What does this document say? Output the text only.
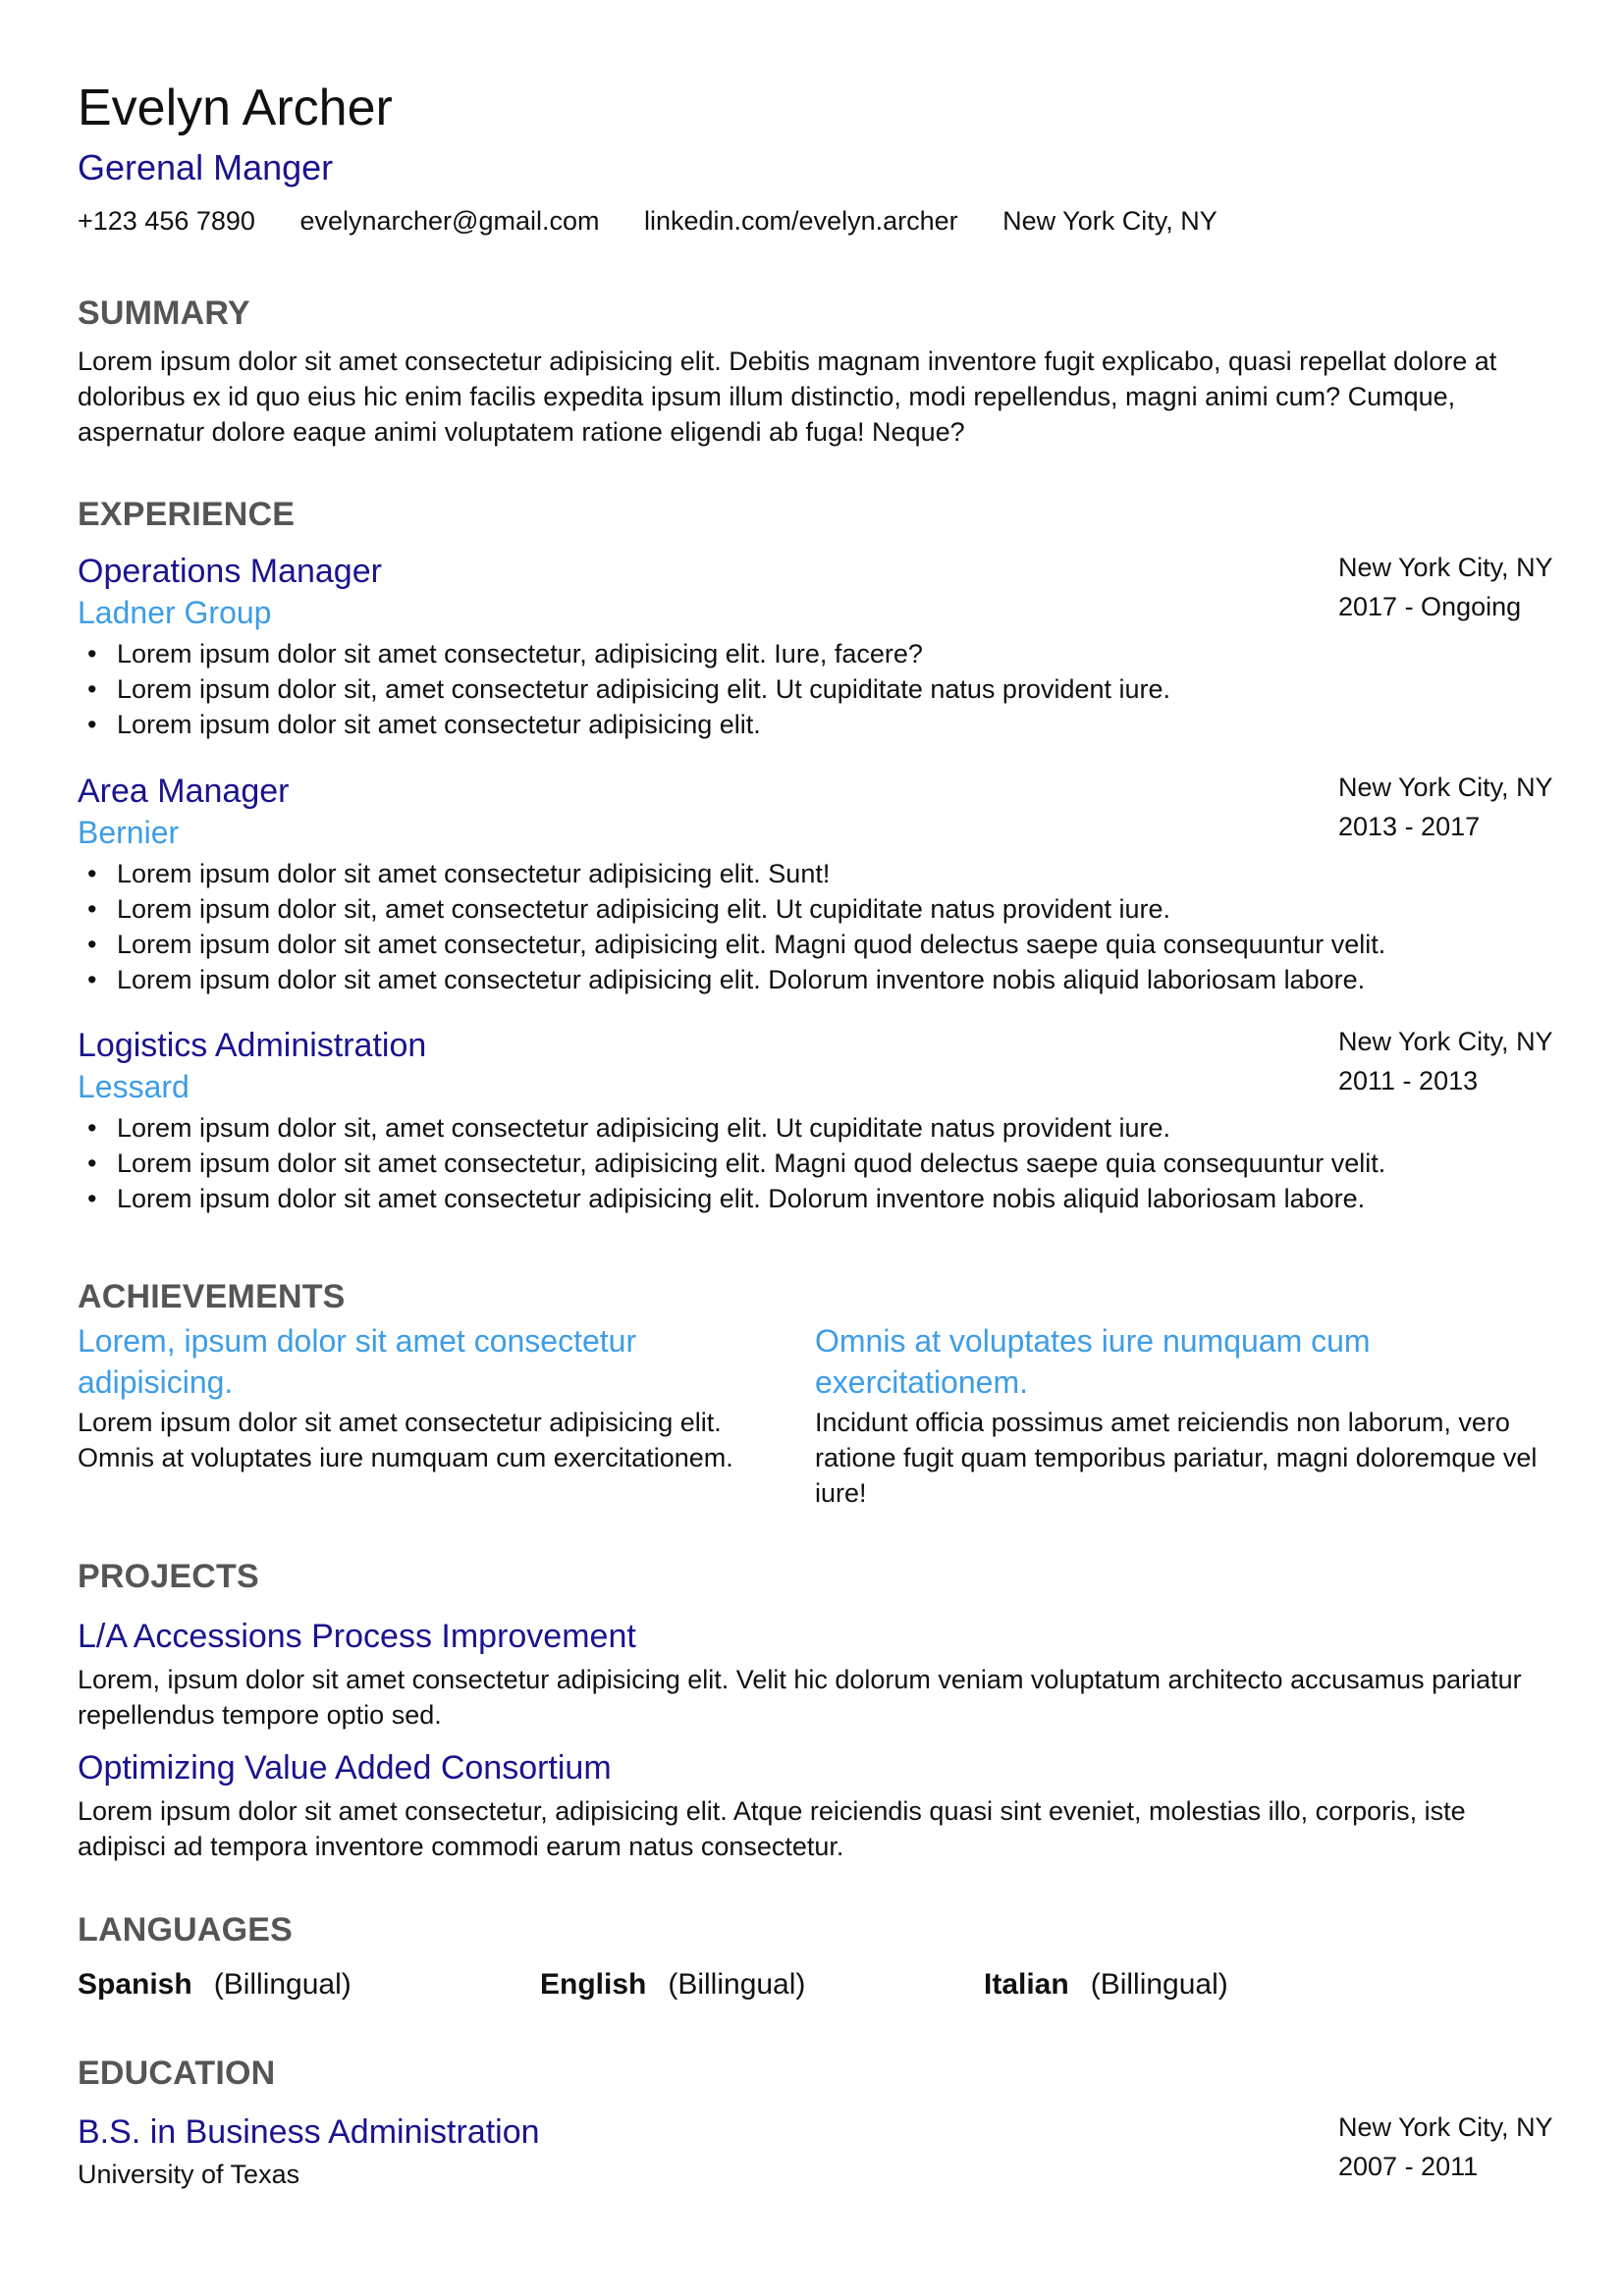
Evelyn Archer
Gerenal Manger
+123 456 7890 evelynarcher@gmail.com linkedin.com/evelyn.archer New York City, NY
SUMMARY
Lorem ipsum dolor sit amet consectetur adipisicing elit. Debitis magnam inventore fugit explicabo, quasi repellat dolore at doloribus ex id quo eius hic enim facilis expedita ipsum illum distinctio, modi repellendus, magni animi cum? Cumque, aspernatur dolore eaque animi voluptatem ratione eligendi ab fuga! Neque?
EXPERIENCE
Operations Manager
Ladner Group
New York City, NY
2017 - Ongoing
• Lorem ipsum dolor sit amet consectetur, adipisicing elit. Iure, facere?
• Lorem ipsum dolor sit, amet consectetur adipisicing elit. Ut cupiditate natus provident iure.
• Lorem ipsum dolor sit amet consectetur adipisicing elit.
Area Manager
Bernier
New York City, NY
2013 - 2017
• Lorem ipsum dolor sit amet consectetur adipisicing elit. Sunt!
• Lorem ipsum dolor sit, amet consectetur adipisicing elit. Ut cupiditate natus provident iure.
• Lorem ipsum dolor sit amet consectetur, adipisicing elit. Magni quod delectus saepe quia consequuntur velit.
• Lorem ipsum dolor sit amet consectetur adipisicing elit. Dolorum inventore nobis aliquid laboriosam labore.
Logistics Administration
Lessard
New York City, NY
2011 - 2013
• Lorem ipsum dolor sit, amet consectetur adipisicing elit. Ut cupiditate natus provident iure.
• Lorem ipsum dolor sit amet consectetur, adipisicing elit. Magni quod delectus saepe quia consequuntur velit.
• Lorem ipsum dolor sit amet consectetur adipisicing elit. Dolorum inventore nobis aliquid laboriosam labore.
ACHIEVEMENTS
Lorem, ipsum dolor sit amet consectetur adipisicing.
Lorem ipsum dolor sit amet consectetur adipisicing elit. Omnis at voluptates iure numquam cum exercitationem.
Omnis at voluptates iure numquam cum exercitationem.
Incidunt officia possimus amet reiciendis non laborum, vero ratione fugit quam temporibus pariatur, magni doloremque vel iure!
PROJECTS
L/A Accessions Process Improvement
Lorem, ipsum dolor sit amet consectetur adipisicing elit. Velit hic dolorum veniam voluptatum architecto accusamus pariatur repellendus tempore optio sed.
Optimizing Value Added Consortium
Lorem ipsum dolor sit amet consectetur, adipisicing elit. Atque reiciendis quasi sint eveniet, molestias illo, corporis, iste adipisci ad tempora inventore commodi earum natus consectetur.
LANGUAGES
Spanish (Billingual)	English (Billingual)	Italian (Billingual)
EDUCATION
B.S. in Business Administration
University of Texas
New York City, NY
2007 - 2011
